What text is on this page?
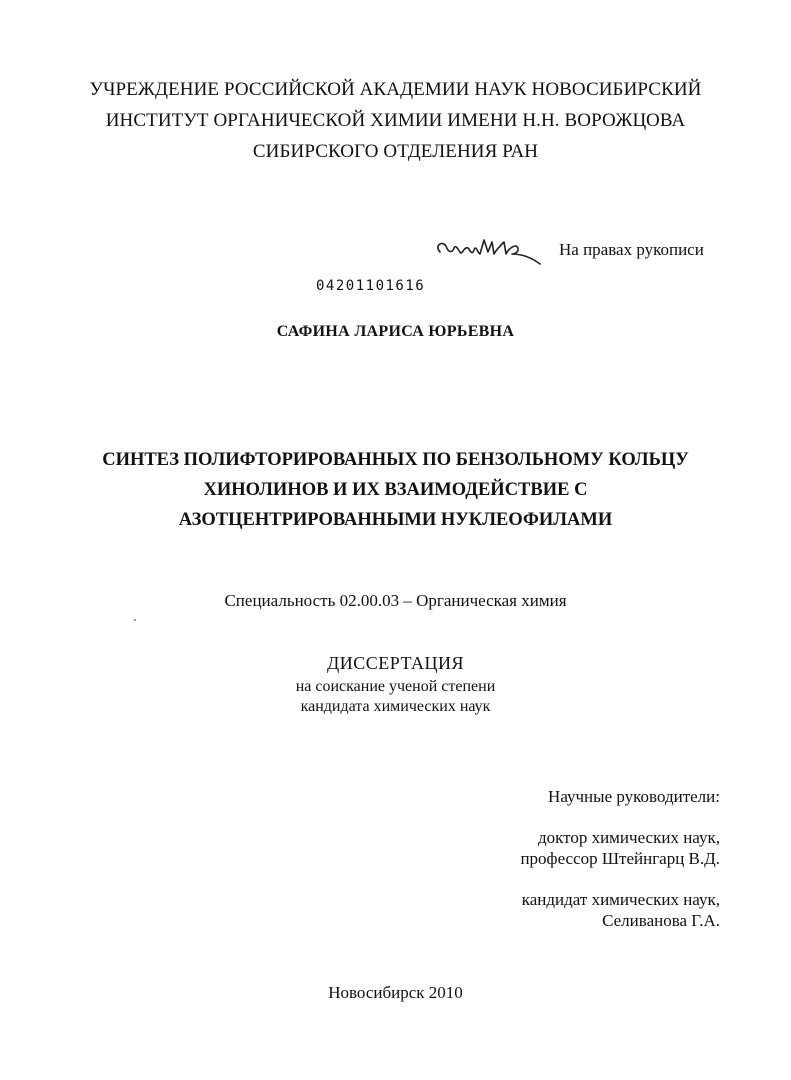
УЧРЕЖДЕНИЕ РОССИЙСКОЙ АКАДЕМИИ НАУК НОВОСИБИРСКИЙ
ИНСТИТУТ ОРГАНИЧЕСКОЙ ХИМИИ ИМЕНИ Н.Н. ВОРОЖЦОВА
СИБИРСКОГО ОТДЕЛЕНИЯ РАН
На правах рукописи
04201101616
САФИНА ЛАРИСА ЮРЬЕВНА
СИНТЕЗ ПОЛИФТОРИРОВАННЫХ ПО БЕНЗОЛЬНОМУ КОЛЬЦУ
ХИНОЛИНОВ И ИХ ВЗАИМОДЕЙСТВИЕ С
АЗОТЦЕНТРИРОВАННЫМИ НУКЛЕОФИЛАМИ
Специальность 02.00.03 – Органическая химия
ДИССЕРТАЦИЯ
на соискание ученой степени
кандидата химических наук
Научные руководители:
доктор химических наук,
профессор Штейнгарц В.Д.
кандидат химических наук,
Селиванова Г.А.
Новосибирск 2010
